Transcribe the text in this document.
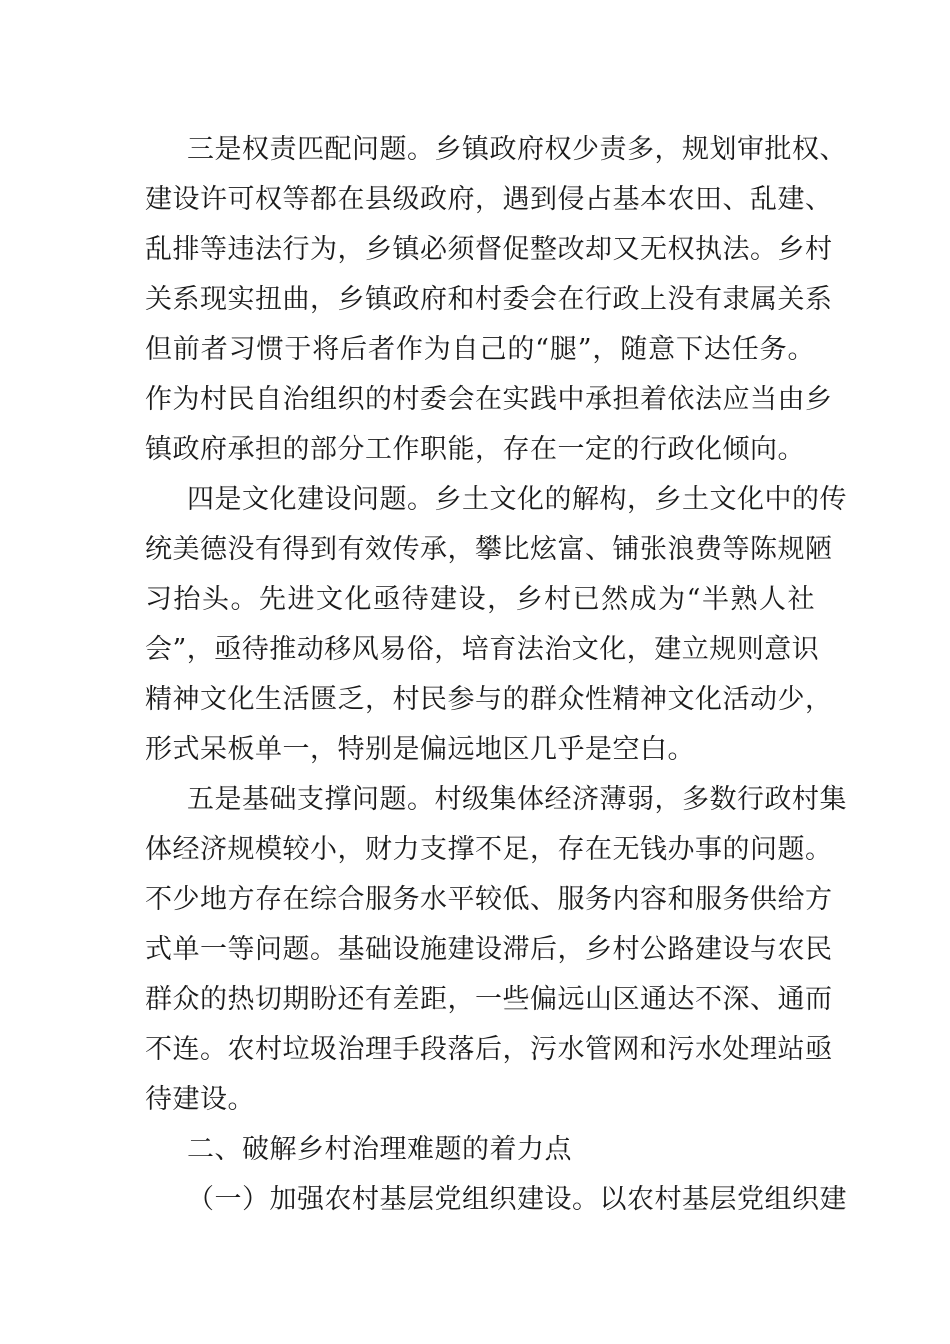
三是权责匹配问题。乡镇政府权少责多，规划审批权、
建设许可权等都在县级政府，遇到侵占基本农田、乱建、
乱排等违法行为，乡镇必须督促整改却又无权执法。乡村
关系现实扭曲，乡镇政府和村委会在行政上没有隶属关系
但前者习惯于将后者作为自己的“腿”，随意下达任务。
作为村民自治组织的村委会在实践中承担着依法应当由乡
镇政府承担的部分工作职能，存在一定的行政化倾向。
四是文化建设问题。乡土文化的解构，乡土文化中的传
统美德没有得到有效传承，攀比炫富、铺张浪费等陈规陋
习抬头。先进文化亟待建设，乡村已然成为“半熟人社
会”，亟待推动移风易俗，培育法治文化，建立规则意识
精神文化生活匮乏，村民参与的群众性精神文化活动少，
形式呆板单一，特别是偏远地区几乎是空白。
五是基础支撑问题。村级集体经济薄弱，多数行政村集
体经济规模较小，财力支撑不足，存在无钱办事的问题。
不少地方存在综合服务水平较低、服务内容和服务供给方
式单一等问题。基础设施建设滞后，乡村公路建设与农民
群众的热切期盼还有差距，一些偏远山区通达不深、通而
不连。农村垃圾治理手段落后，污水管网和污水处理站亟
待建设。
二、破解乡村治理难题的着力点
（一）加强农村基层党组织建设。以农村基层党组织建
